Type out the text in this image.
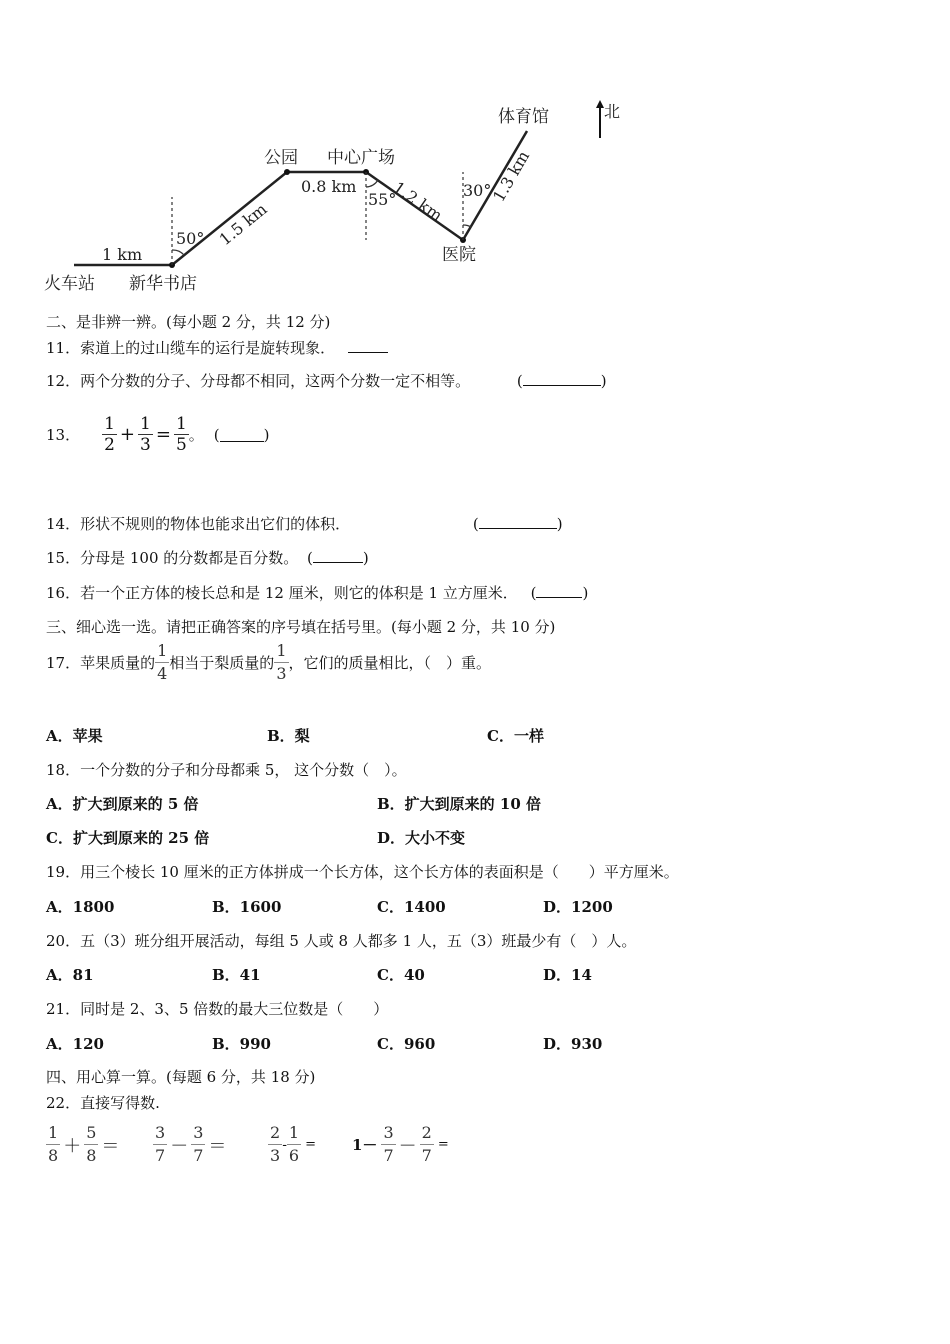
北
火车站 新华书店
公园 中心广场
医院
体育馆
1 km
1.5 km
0.8 km 1.2 km	1.3 km
50°
55°	30°
二、是非辨一辨。(每小题 2 分，共 12 分)
11．索道上的过山缆车的运行是旋转现象．
12．两个分数的分子、分母都不相同，这两个分数一定不相等。	(	)
13． $\frac{1}{2} + \frac{1}{3} = \frac{1}{5}$ 。 (	)
14．形状不规则的物体也能求出它们的体积．	(	)
15．分母是 100 的分数都是百分数。 (	)
16．若一个正方体的棱长总和是 12 厘米，则它的体积是 1 立方厘米． (	)
三、细心选一选。请把正确答案的序号填在括号里。(每小题 2 分，共 10 分)
17． 苹果质量的
1
4
相当于梨质量的
1
3
，它们的质量相比，（　）重。
A．苹果	B．梨	C．一样
18．一个分数的分子和分母都乘 5， 这个分数（　）。
A．扩大到原来的 5 倍	B．扩大到原来的 10 倍
C．扩大到原来的 25 倍	D．大小不变
19．用三个棱长 10 厘米的正方体拼成一个长方体，这个长方体的表面积是（　　）平方厘米。
A．1800	B．1600	C．1400	D．1200
20．五（3）班分组开展活动，每组 5 人或 8 人都多 1 人，五（3）班最少有（　）人。
A．81	B．41	C．40	D．14
21．同时是 2、3、5 倍数的最大三位数是（　　）
A．120	B．990	C．960	D．930
四、用心算一算。(每题 6 分，共 18 分)
22．直接写得数.
1
8 ＋
5
8 ＝
3
7 －
3
7 ＝
2
3
- $\frac{1}{6} = 1-$
3
$7 - \frac{2}{7}$ =
